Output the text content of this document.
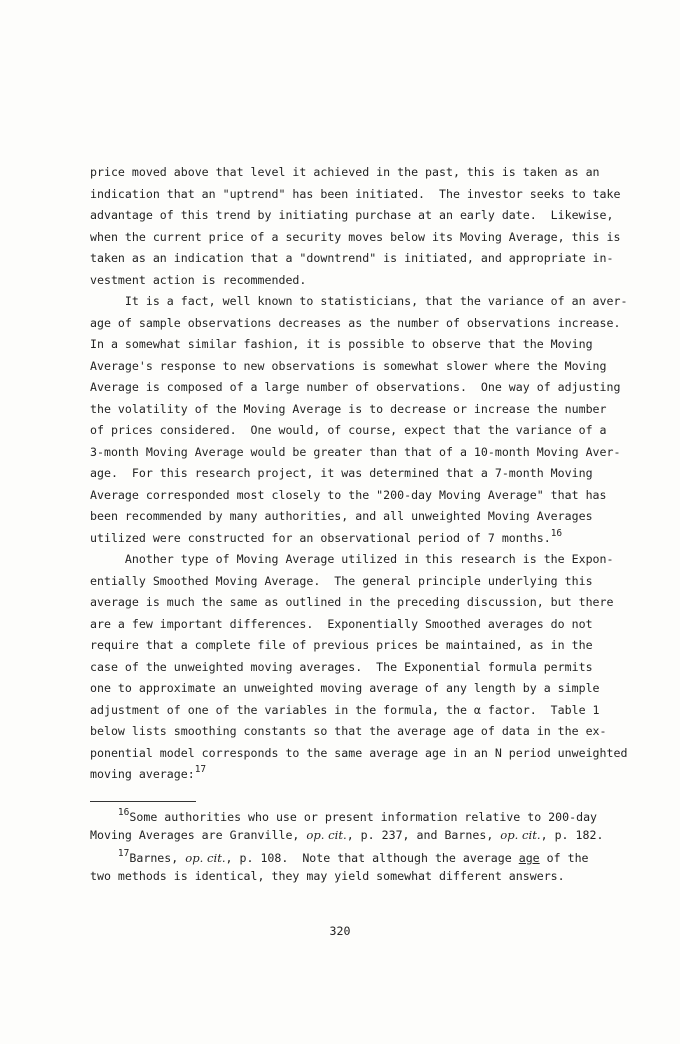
price moved above that level it achieved in the past, this is taken as an
indication that an "uptrend" has been initiated.  The investor seeks to take
advantage of this trend by initiating purchase at an early date.  Likewise,
when the current price of a security moves below its Moving Average, this is
taken as an indication that a "downtrend" is initiated, and appropriate in-
vestment action is recommended.
It is a fact, well known to statisticians, that the variance of an aver-
age of sample observations decreases as the number of observations increase.
In a somewhat similar fashion, it is possible to observe that the Moving
Average's response to new observations is somewhat slower where the Moving
Average is composed of a large number of observations.  One way of adjusting
the volatility of the Moving Average is to decrease or increase the number
of prices considered.  One would, of course, expect that the variance of a
3-month Moving Average would be greater than that of a 10-month Moving Aver-
age.  For this research project, it was determined that a 7-month Moving
Average corresponded most closely to the "200-day Moving Average" that has
been recommended by many authorities, and all unweighted Moving Averages
utilized were constructed for an observational period of 7 months.$^{16}$
Another type of Moving Average utilized in this research is the Expon-
entially Smoothed Moving Average.  The general principle underlying this
average is much the same as outlined in the preceding discussion, but there
are a few important differences.  Exponentially Smoothed averages do not
require that a complete file of previous prices be maintained, as in the
case of the unweighted moving averages.  The Exponential formula permits
one to approximate an unweighted moving average of any length by a simple
adjustment of one of the variables in the formula, the α factor.  Table 1
below lists smoothing constants so that the average age of data in the ex-
ponential model corresponds to the same average age in an N period unweighted
moving average:$^{17}$
$^{16}$Some authorities who use or present information relative to 200-day
Moving Averages are Granville, op. cit., p. 237, and Barnes, op. cit., p. 182.
$^{17}$Barnes, op. cit., p. 108.  Note that although the average age of the
two methods is identical, they may yield somewhat different answers.
320
